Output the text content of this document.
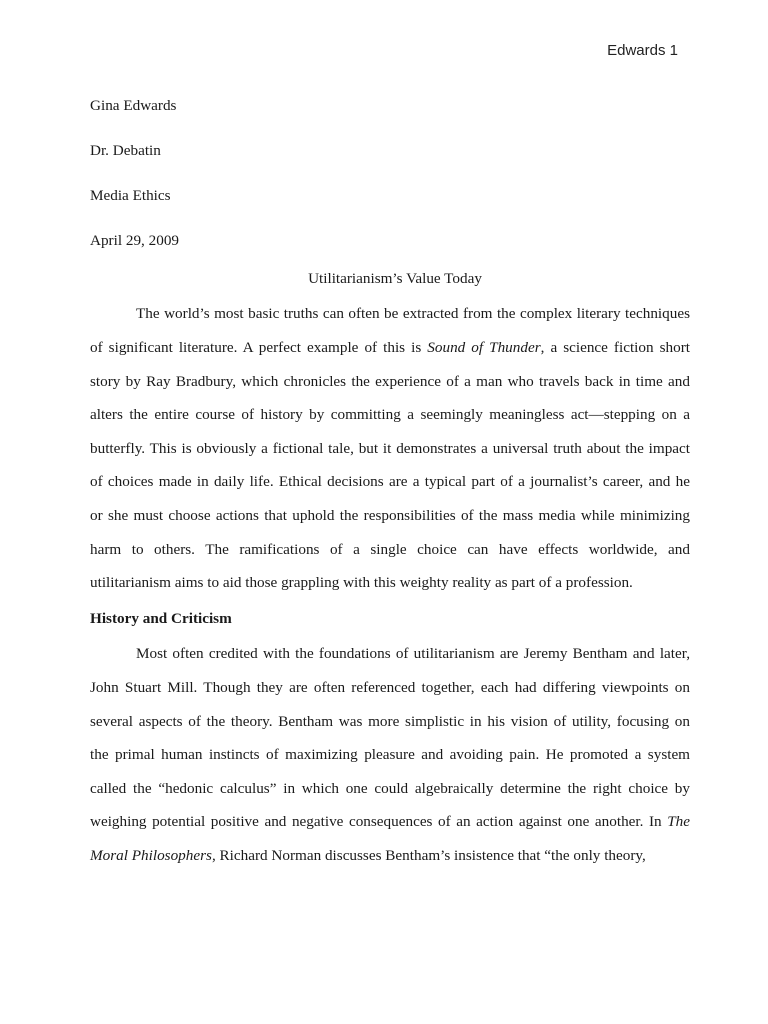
Edwards 1

Gina Edwards

Dr. Debatin

Media Ethics

April 29, 2009

Utilitarianism’s Value Today

The world’s most basic truths can often be extracted from the complex literary techniques
of significant literature. A perfect example of this is Sound of Thunder, a science fiction short
story by Ray Bradbury, which chronicles the experience of a man who travels back in time and
alters the entire course of history by committing a seemingly meaningless act—stepping on a
butterfly. This is obviously a fictional tale, but it demonstrates a universal truth about the impact
of choices made in daily life. Ethical decisions are a typical part of a journalist’s career, and he
or she must choose actions that uphold the responsibilities of the mass media while minimizing
harm to others. The ramifications of a single choice can have effects worldwide, and
utilitarianism aims to aid those grappling with this weighty reality as part of a profession.

History and Criticism

Most often credited with the foundations of utilitarianism are Jeremy Bentham and later,
John Stuart Mill. Though they are often referenced together, each had differing viewpoints on
several aspects of the theory. Bentham was more simplistic in his vision of utility, focusing on
the primal human instincts of maximizing pleasure and avoiding pain. He promoted a system
called the “hedonic calculus” in which one could algebraically determine the right choice by
weighing potential positive and negative consequences of an action against one another. In The
Moral Philosophers, Richard Norman discusses Bentham’s insistence that “the only theory,
